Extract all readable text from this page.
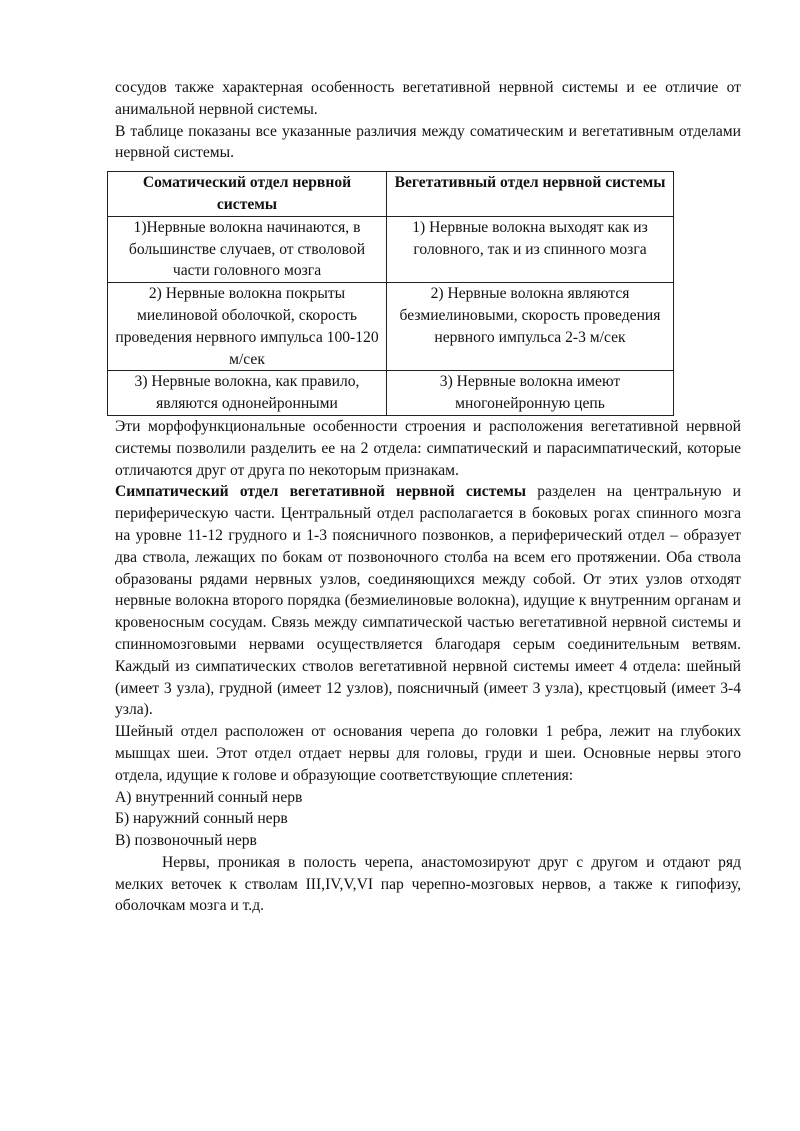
сосудов также характерная особенность вегетативной нервной системы и ее отличие от анимальной нервной системы.

В таблице показаны все указанные различия между соматическим и вегетативным отделами нервной системы.

Соматический отдел нервной системы	Вегетативный отдел нервной системы
1)Нервные волокна начинаются, в большинстве случаев, от стволовой части головного мозга	1) Нервные волокна выходят как из головного, так и из спинного мозга
2) Нервные волокна покрыты миелиновой оболочкой, скорость проведения нервного импульса 100-120 м/сек	2) Нервные волокна являются безмиелиновыми, скорость проведения нервного импульса 2-3 м/сек
3) Нервные волокна, как правило, являются однонейронными	3) Нервные волокна имеют многонейронную цепь

Эти морфофункциональные особенности строения и расположения вегетативной нервной системы позволили разделить ее на 2 отдела: симпатический и парасимпатический, которые отличаются друг от друга по некоторым признакам.

Симпатический отдел вегетативной нервной системы разделен на центральную и периферическую части. Центральный отдел располагается в боковых рогах спинного мозга на уровне 11-12 грудного и 1-3 поясничного позвонков, а периферический отдел – образует два ствола, лежащих по бокам от позвоночного столба на всем его протяжении. Оба ствола образованы рядами нервных узлов, соединяющихся между собой. От этих узлов отходят нервные волокна второго порядка (безмиелиновые волокна), идущие к внутренним органам и кровеносным сосудам. Связь между симпатической частью вегетативной нервной системы и спинномозговыми нервами осуществляется благодаря серым соединительным ветвям. Каждый из симпатических стволов вегетативной нервной системы имеет 4 отдела: шейный (имеет 3 узла), грудной (имеет 12 узлов), поясничный (имеет 3 узла), крестцовый (имеет 3-4 узла).

Шейный отдел расположен от основания черепа до головки 1 ребра, лежит на глубоких мышцах шеи. Этот отдел отдает нервы для головы, груди и шеи. Основные нервы этого отдела, идущие к голове и образующие соответствующие сплетения:

А) внутренний сонный нерв

Б) наружний сонный нерв

В) позвоночный нерв

Нервы, проникая в полость черепа, анастомозируют друг с другом и отдают ряд мелких веточек к стволам III,IV,V,VI пар черепно-мозговых нервов, а также к гипофизу, оболочкам мозга и т.д.
